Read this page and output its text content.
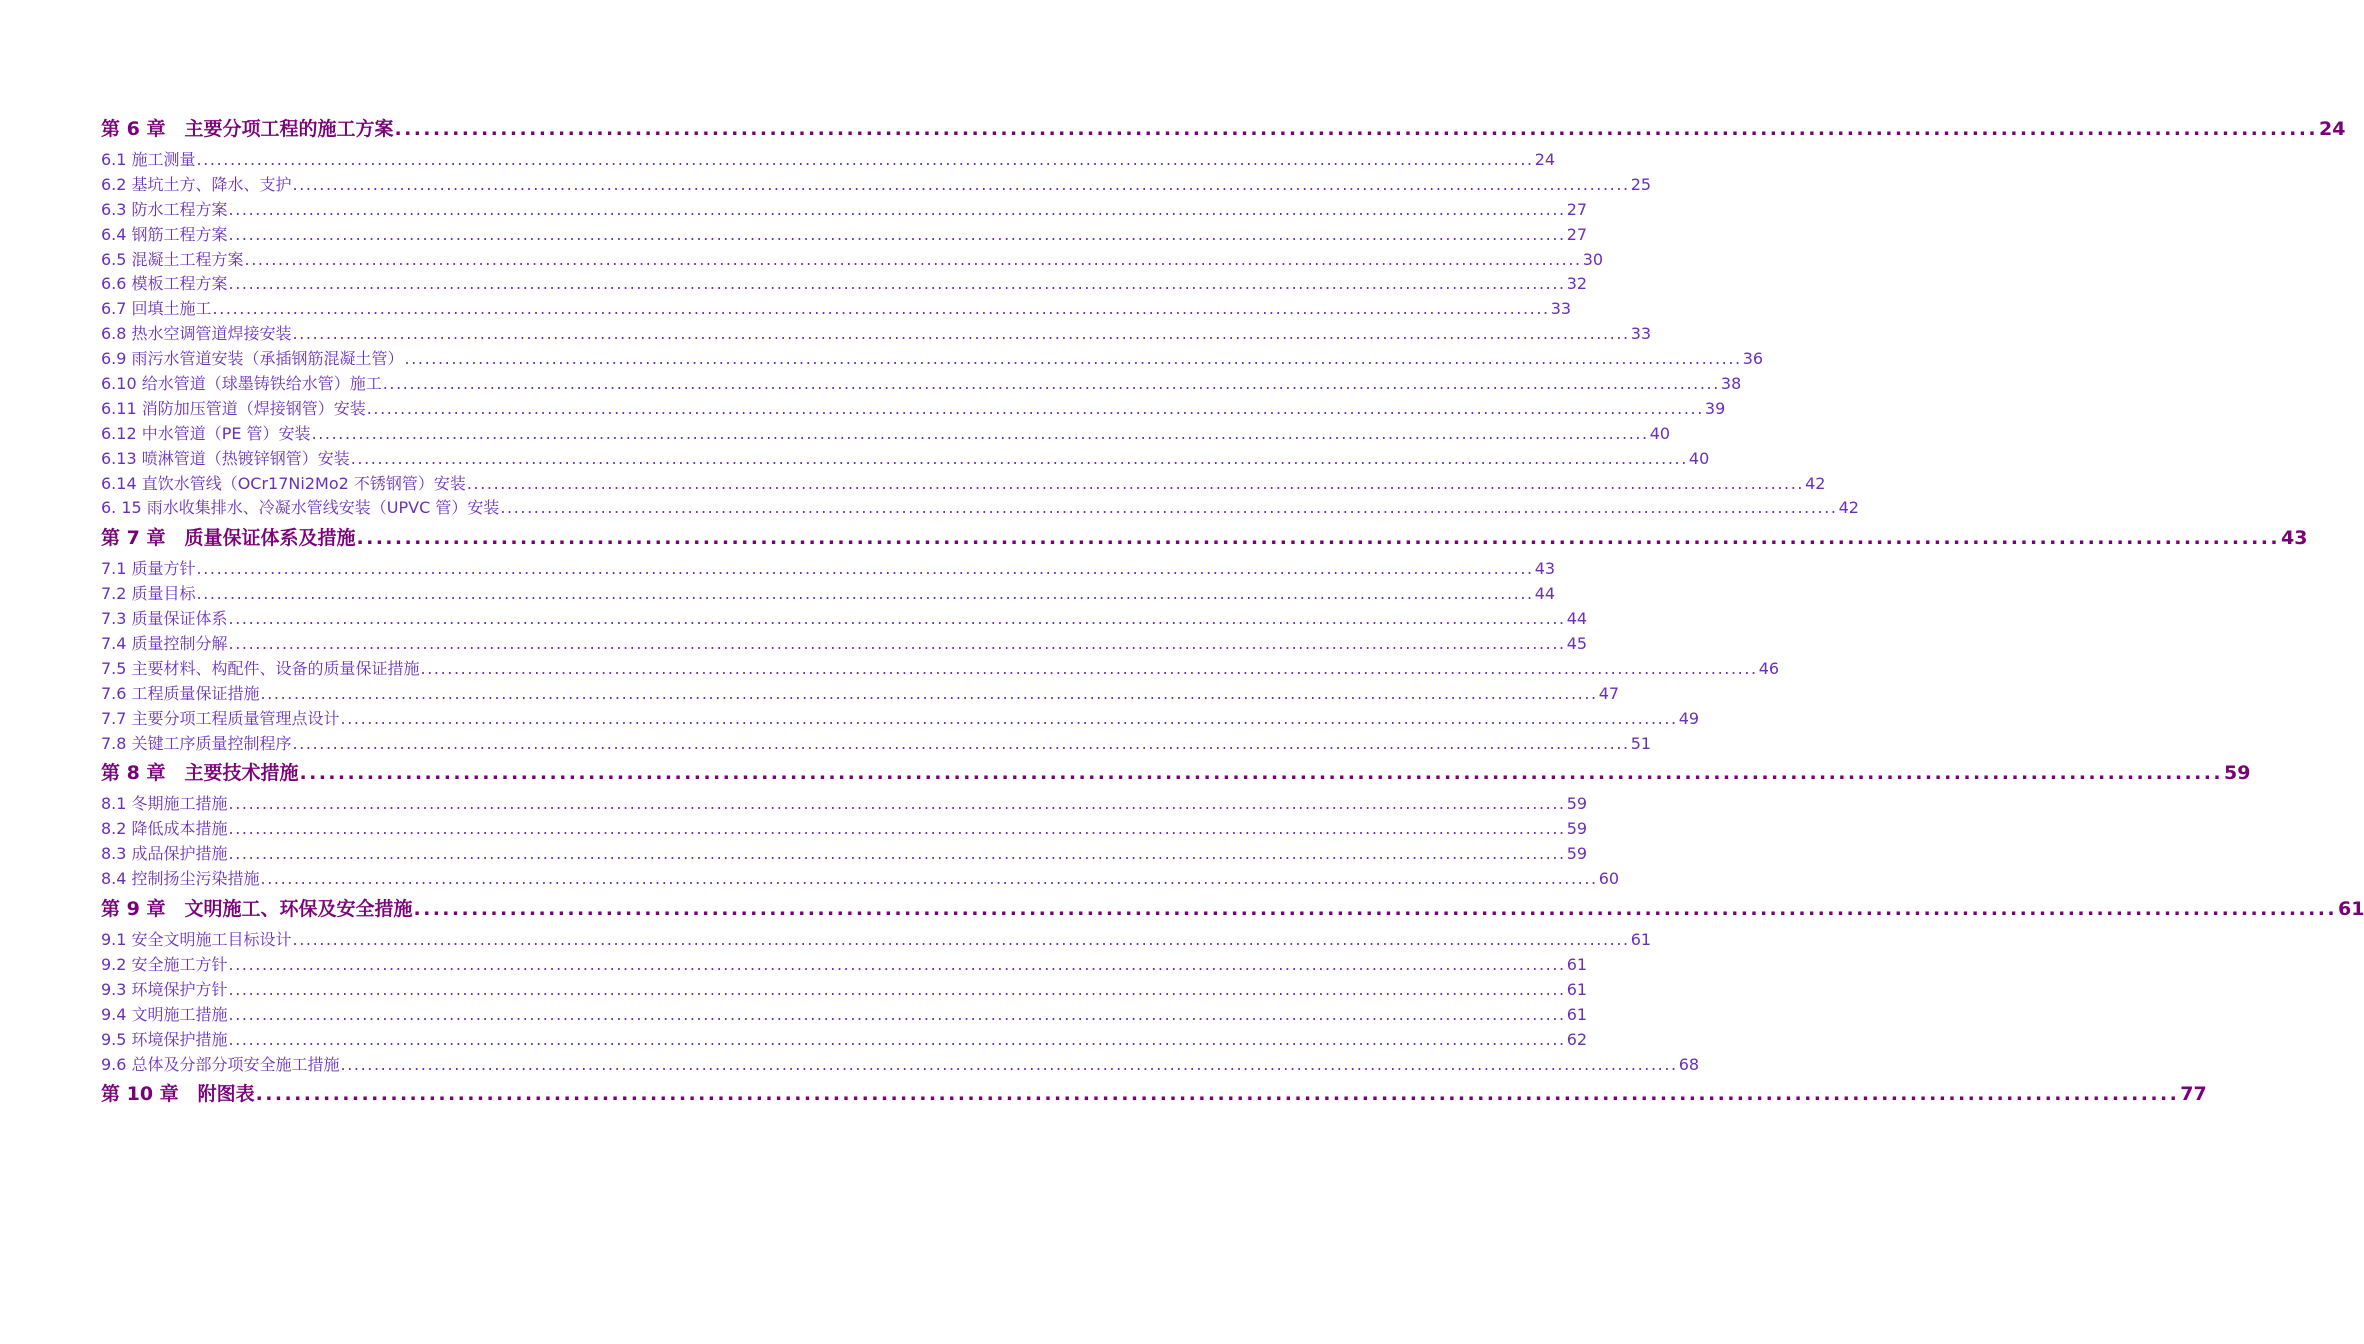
第 6 章　主要分项工程的施工方案 ........................................................................................................................................................................................................ 24
6.1 施工测量 ........................................................................................................................................................................................................ 24
6.2 基坑土方、降水、支护 ........................................................................................................................................................................................................ 25
6.3 防水工程方案 ........................................................................................................................................................................................................ 27
6.4 钢筋工程方案 ........................................................................................................................................................................................................ 27
6.5 混凝土工程方案 ........................................................................................................................................................................................................ 30
6.6 模板工程方案 ........................................................................................................................................................................................................ 32
6.7 回填土施工 ........................................................................................................................................................................................................ 33
6.8 热水空调管道焊接安装 ........................................................................................................................................................................................................ 33
6.9 雨污水管道安装（承插钢筋混凝土管） ........................................................................................................................................................................................................ 36
6.10 给水管道（球墨铸铁给水管）施工 ........................................................................................................................................................................................................ 38
6.11 消防加压管道（焊接钢管）安装 ........................................................................................................................................................................................................ 39
6.12 中水管道（PE 管）安装 ........................................................................................................................................................................................................ 40
6.13 喷淋管道（热镀锌钢管）安装 ........................................................................................................................................................................................................ 40
6.14 直饮水管线（OCr17Ni2Mo2 不锈钢管）安装 ........................................................................................................................................................................................................ 42
6. 15 雨水收集排水、冷凝水管线安装（UPVC 管）安装 ........................................................................................................................................................................................................ 42
第 7 章　质量保证体系及措施 ........................................................................................................................................................................................................ 43
7.1 质量方针 ........................................................................................................................................................................................................ 43
7.2 质量目标 ........................................................................................................................................................................................................ 44
7.3 质量保证体系 ........................................................................................................................................................................................................ 44
7.4 质量控制分解 ........................................................................................................................................................................................................ 45
7.5 主要材料、构配件、设备的质量保证措施 ........................................................................................................................................................................................................ 46
7.6 工程质量保证措施 ........................................................................................................................................................................................................ 47
7.7 主要分项工程质量管理点设计 ........................................................................................................................................................................................................ 49
7.8 关键工序质量控制程序 ........................................................................................................................................................................................................ 51
第 8 章　主要技术措施 ........................................................................................................................................................................................................ 59
8.1 冬期施工措施 ........................................................................................................................................................................................................ 59
8.2 降低成本措施 ........................................................................................................................................................................................................ 59
8.3 成品保护措施 ........................................................................................................................................................................................................ 59
8.4 控制扬尘污染措施 ........................................................................................................................................................................................................ 60
第 9 章　文明施工、环保及安全措施 ........................................................................................................................................................................................................ 61
9.1 安全文明施工目标设计 ........................................................................................................................................................................................................ 61
9.2 安全施工方针 ........................................................................................................................................................................................................ 61
9.3 环境保护方针 ........................................................................................................................................................................................................ 61
9.4 文明施工措施 ........................................................................................................................................................................................................ 61
9.5 环境保护措施 ........................................................................................................................................................................................................ 62
9.6 总体及分部分项安全施工措施 ........................................................................................................................................................................................................ 68
第 10 章　附图表 ........................................................................................................................................................................................................ 77
